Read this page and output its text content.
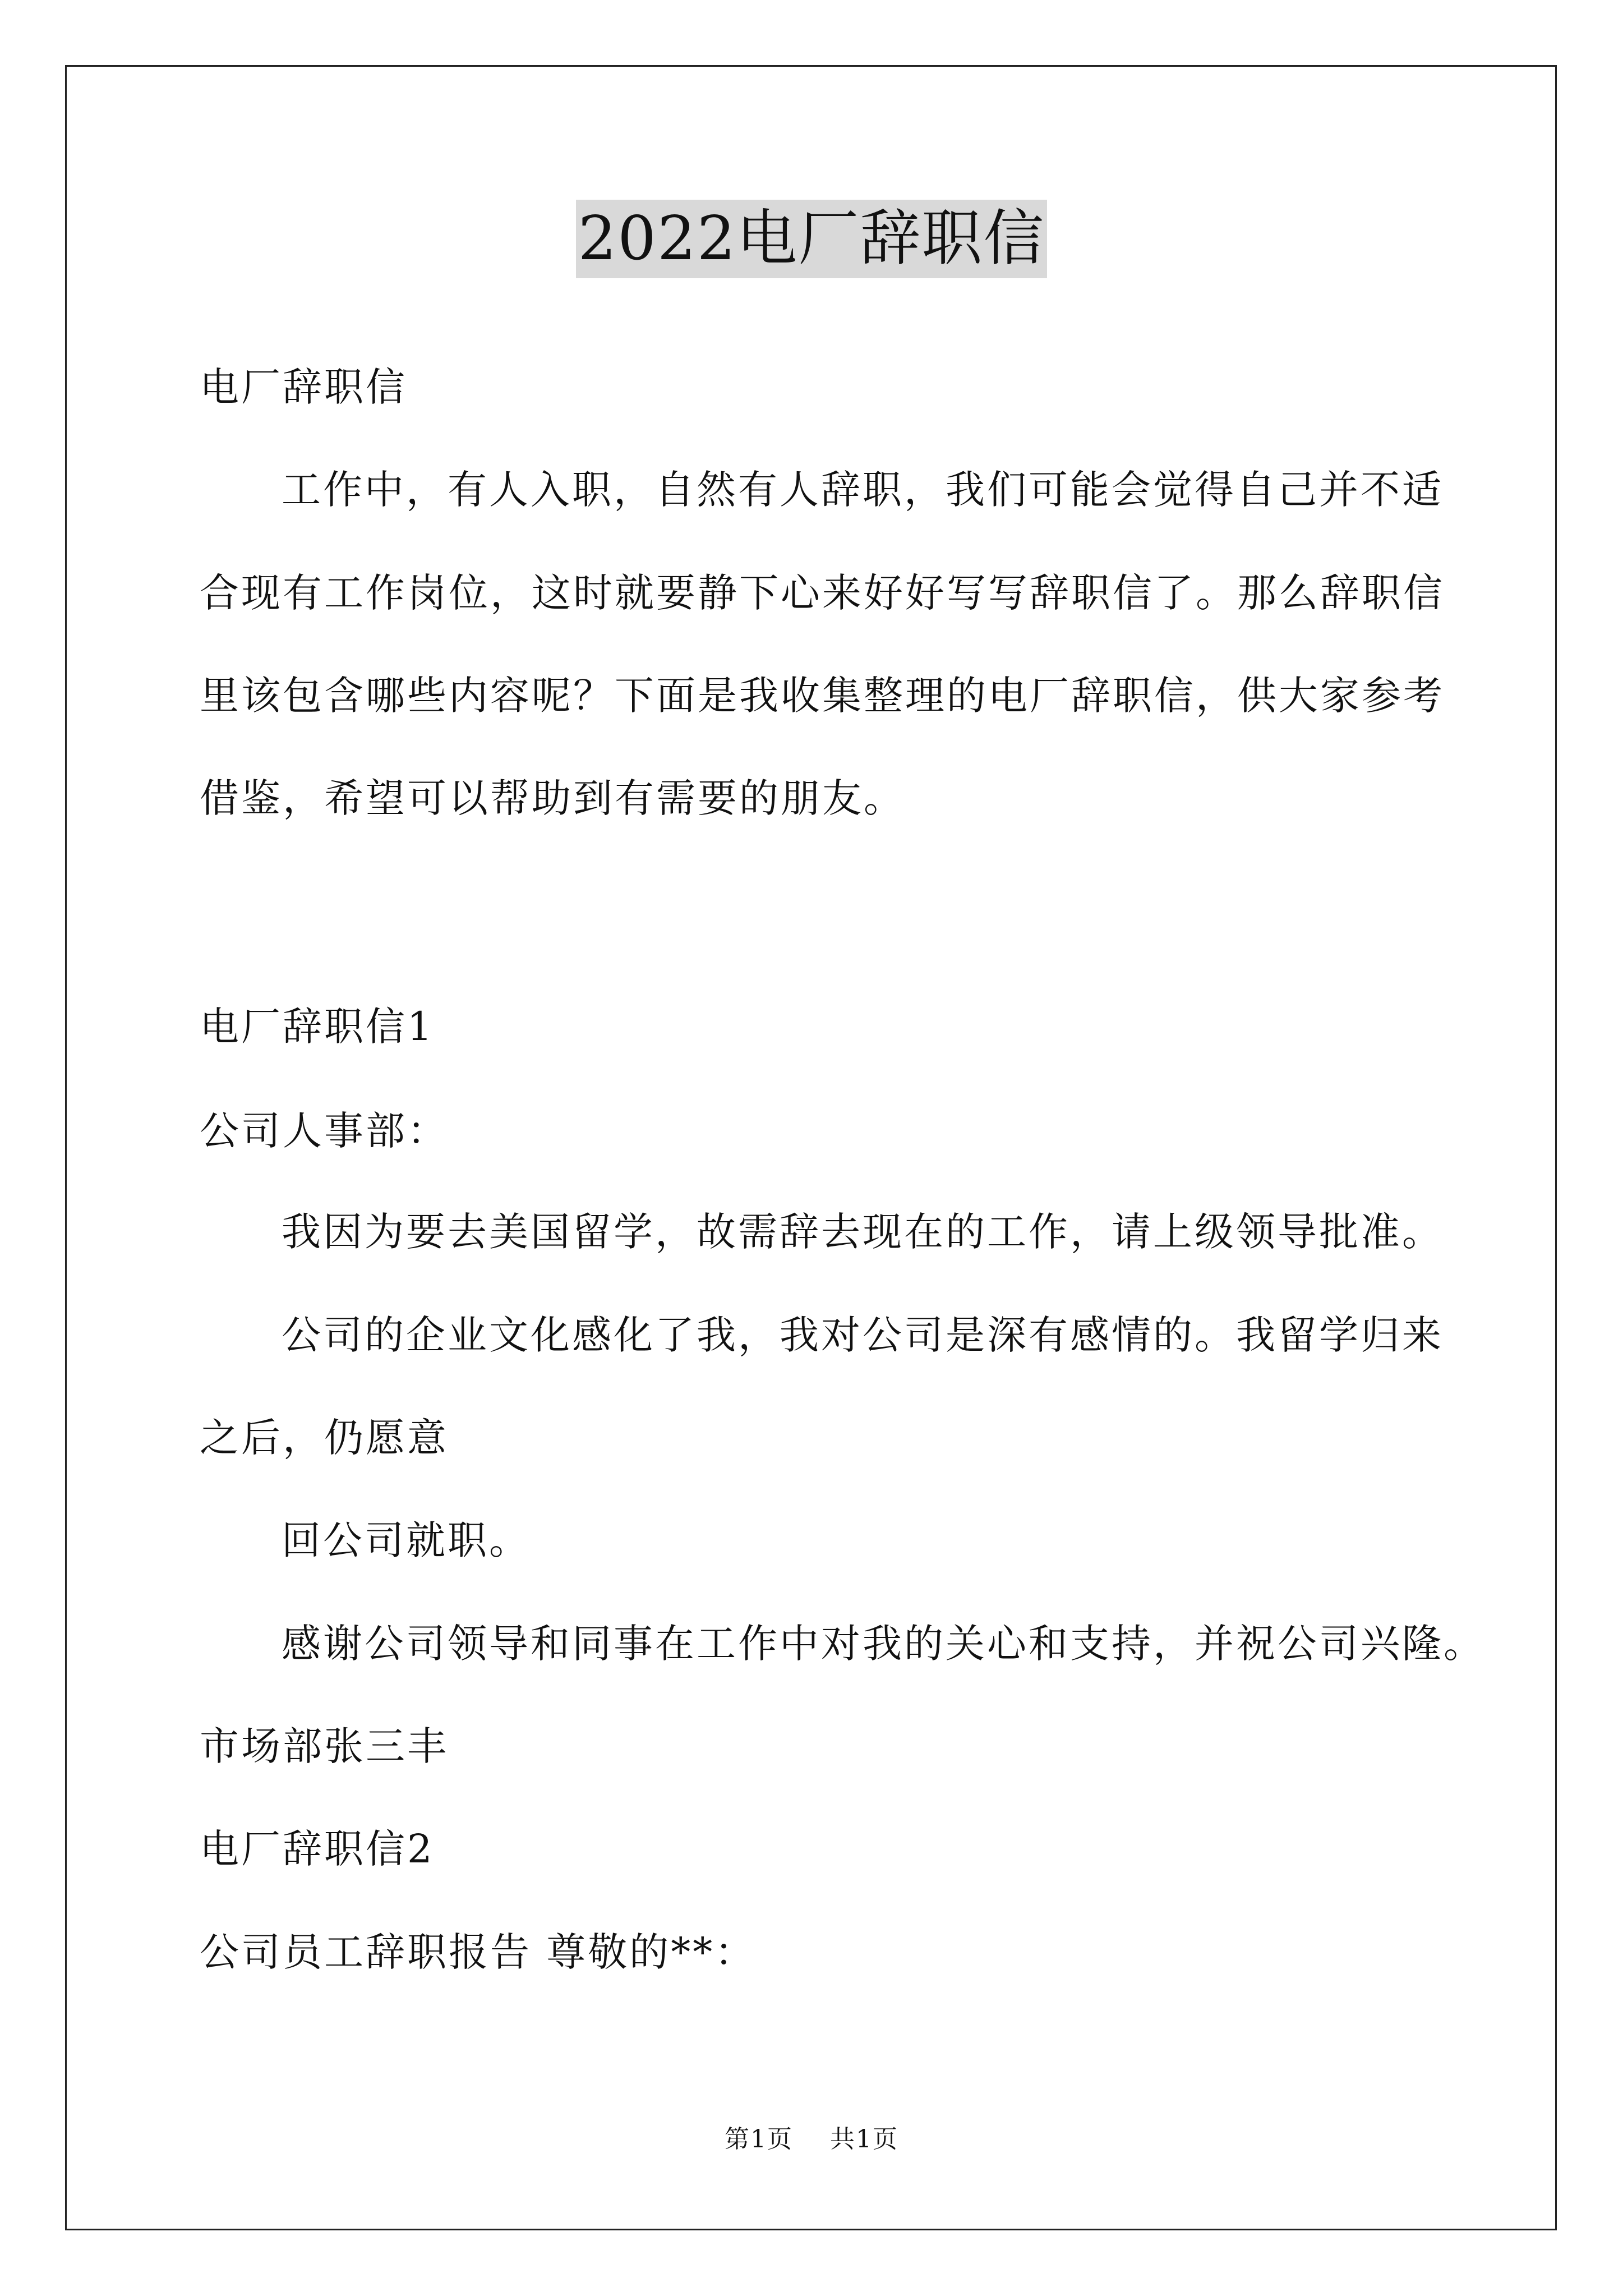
2022电厂辞职信
电厂辞职信
工作中，有人入职，自然有人辞职，我们可能会觉得自己并不适
合现有工作岗位，这时就要静下心来好好写写辞职信了。那么辞职信
里该包含哪些内容呢？下面是我收集整理的电厂辞职信，供大家参考
借鉴，希望可以帮助到有需要的朋友。
电厂辞职信1
公司人事部：
我因为要去美国留学，故需辞去现在的工作，请上级领导批准。
公司的企业文化感化了我，我对公司是深有感情的。我留学归来
之后，仍愿意
回公司就职。
感谢公司领导和同事在工作中对我的关心和支持，并祝公司兴隆。
市场部张三丰
电厂辞职信2
公司员工辞职报告 尊敬的**：
第1页 共1页
